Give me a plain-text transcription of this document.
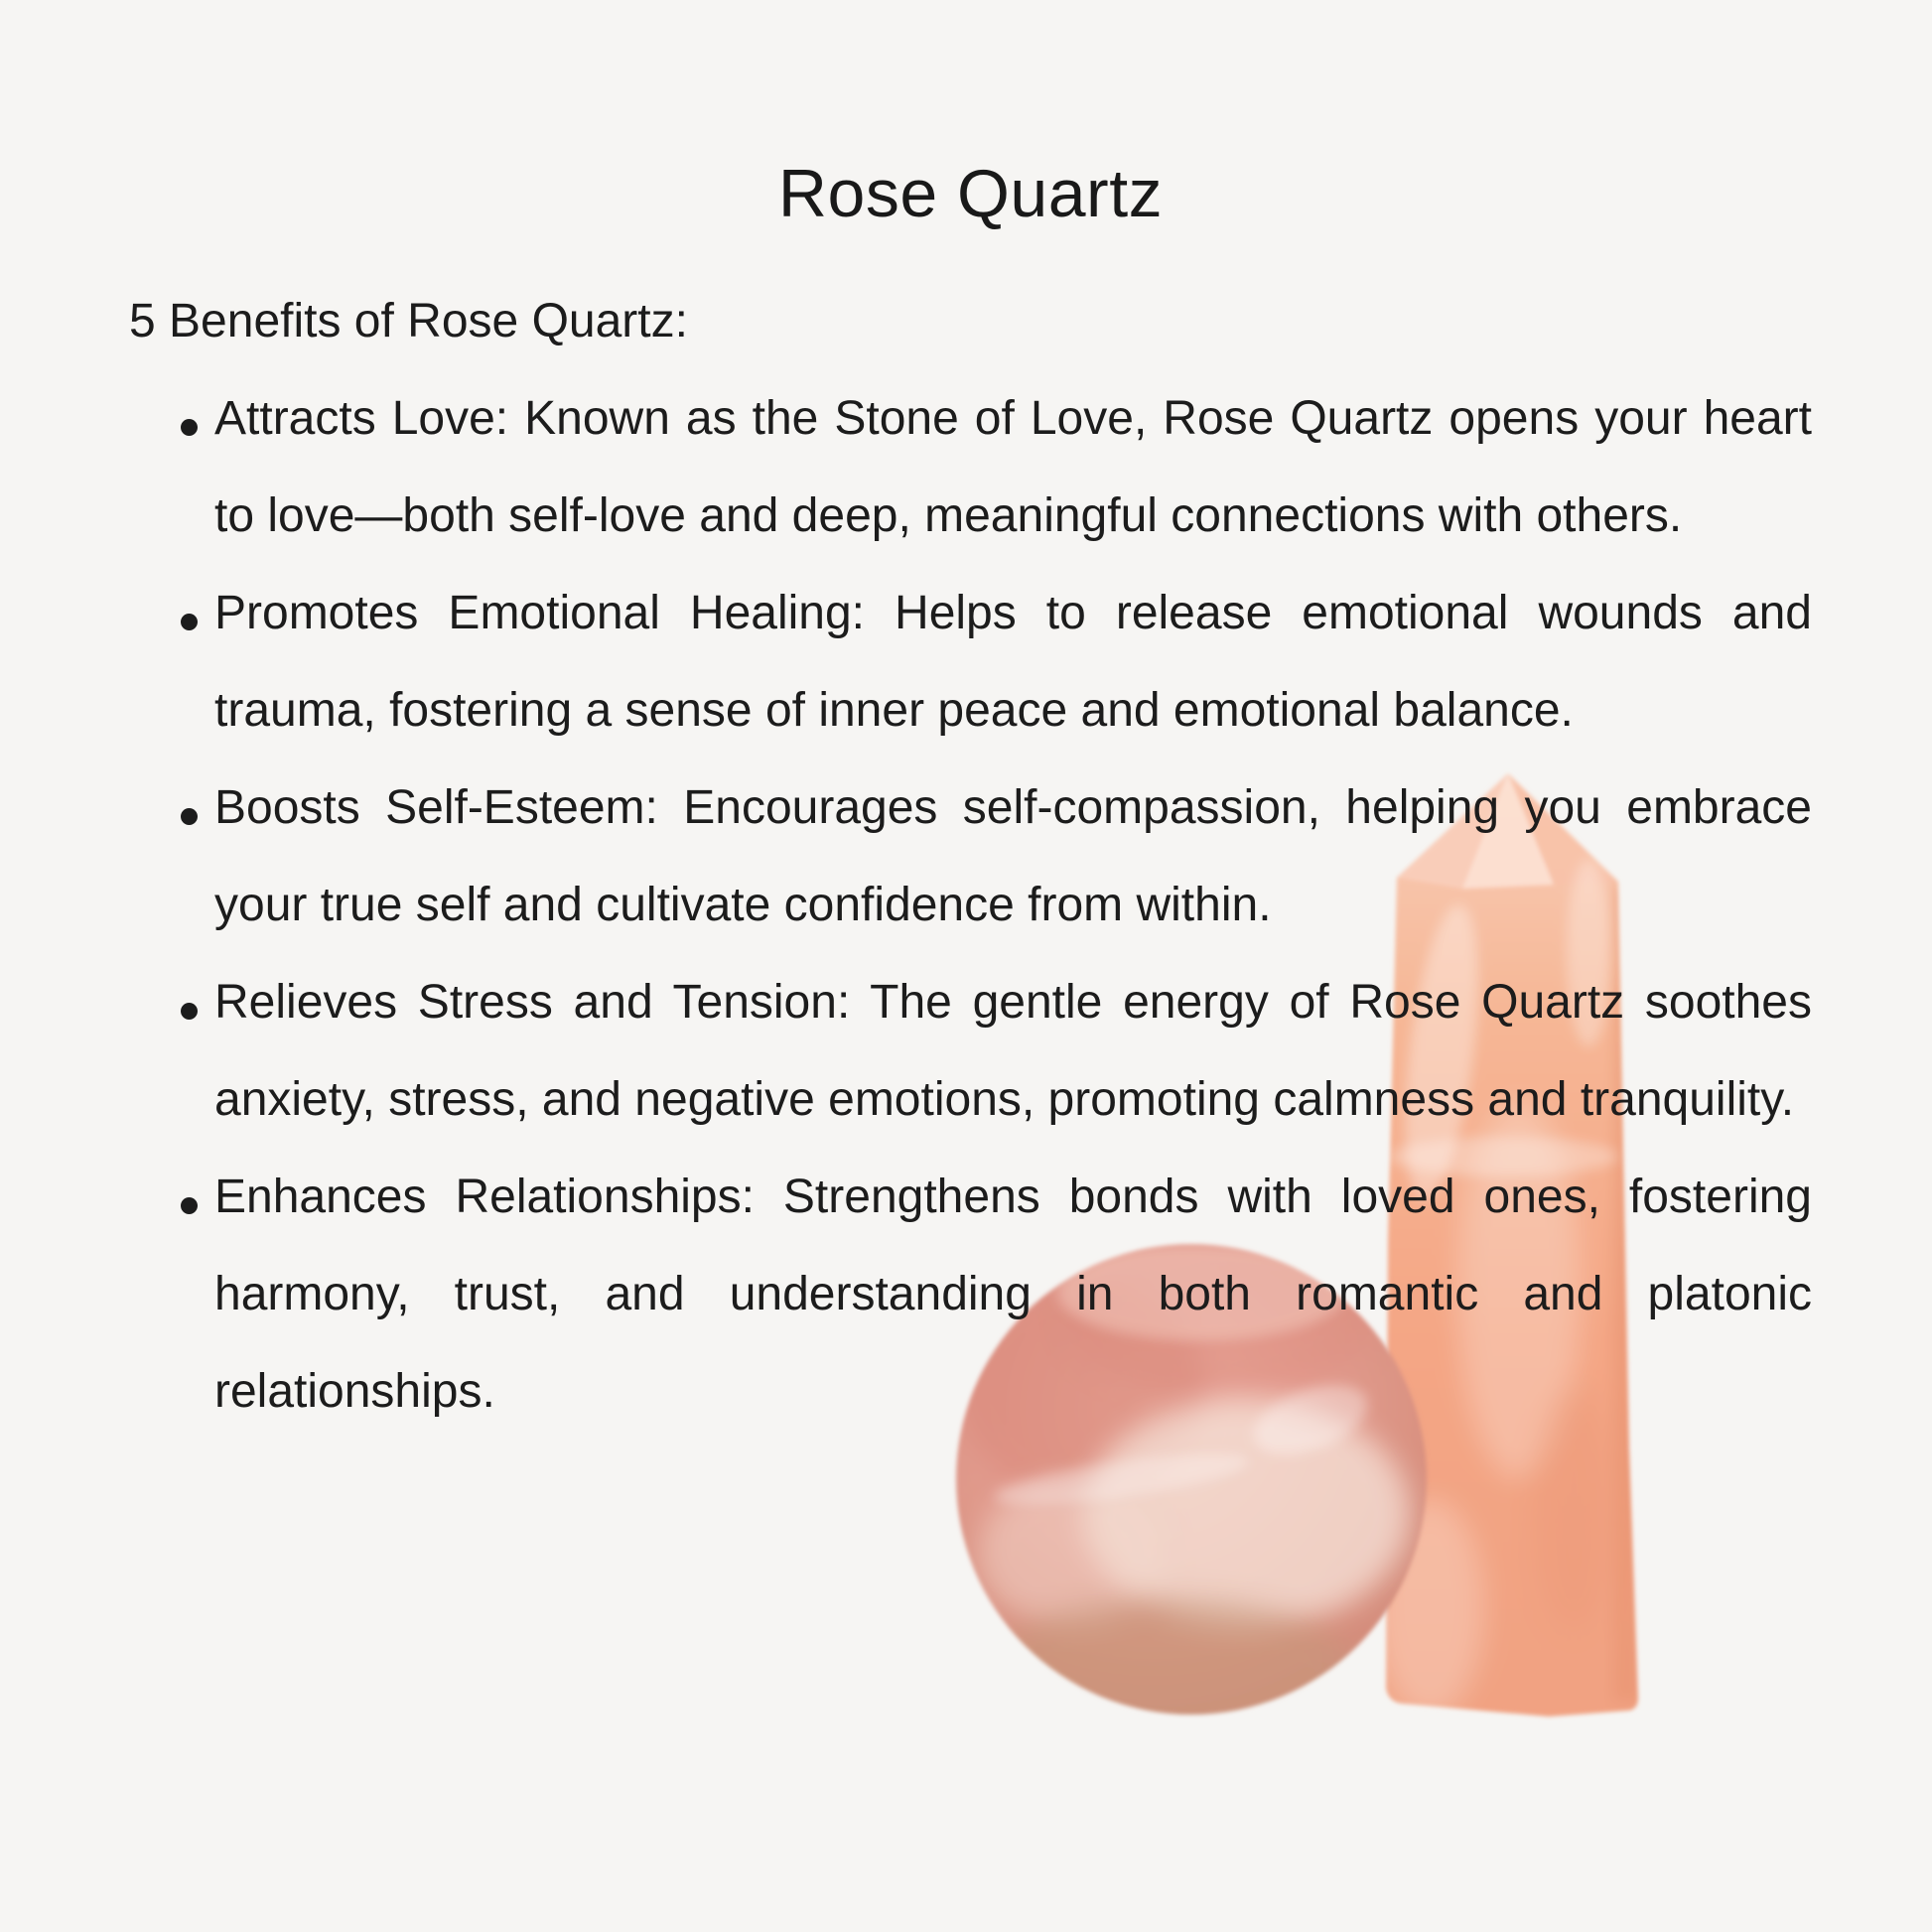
Rose Quartz

5 Benefits of Rose Quartz:

Attracts Love: Known as the Stone of Love, Rose Quartz opens your heart to love—both self-love and deep, meaningful connections with others.
Promotes Emotional Healing: Helps to release emotional wounds and trauma, fostering a sense of inner peace and emotional balance.
Boosts Self-Esteem: Encourages self-compassion, helping you embrace your true self and cultivate confidence from within.
Relieves Stress and Tension: The gentle energy of Rose Quartz soothes anxiety, stress, and negative emotions, promoting calmness and tranquility.
Enhances Relationships: Strengthens bonds with loved ones, fostering harmony, trust, and understanding in both romantic and platonic relationships.
